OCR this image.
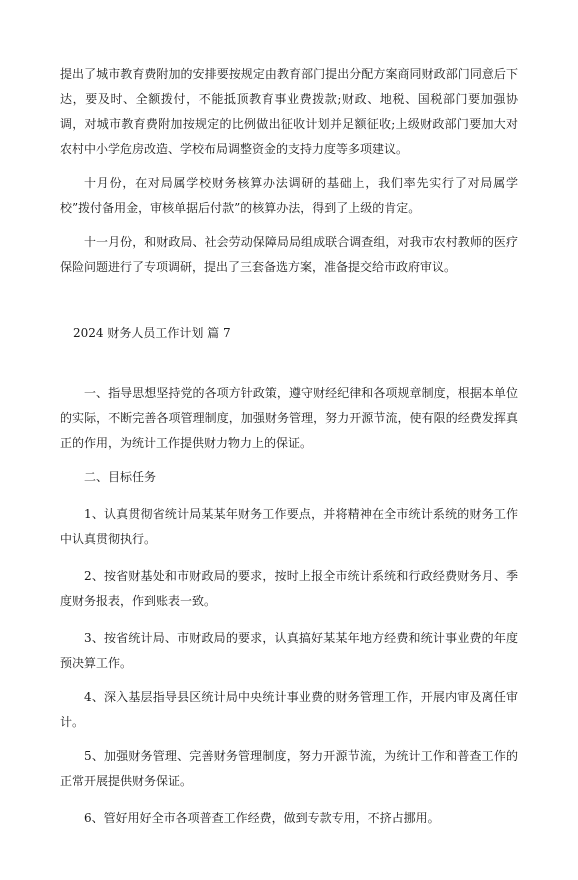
提出了城市教育费附加的安排要按规定由教育部门提出分配方案商同财政部门同意后下达，要及时、全额拨付，不能抵顶教育事业费拨款;财政、地税、国税部门要加强协调，对城市教育费附加按规定的比例做出征收计划并足额征收;上级财政部门要加大对农村中小学危房改造、学校布局调整资金的支持力度等多项建议。

十月份，在对局属学校财务核算办法调研的基础上，我们率先实行了对局属学校”拨付备用金，审核单据后付款”的核算办法，得到了上级的肯定。

十一月份，和财政局、社会劳动保障局局组成联合调查组，对我市农村教师的医疗保险问题进行了专项调研，提出了三套备选方案，准备提交给市政府审议。

2024 财务人员工作计划 篇 7

一、指导思想坚持党的各项方针政策，遵守财经纪律和各项规章制度，根据本单位的实际，不断完善各项管理制度，加强财务管理，努力开源节流，使有限的经费发挥真正的作用，为统计工作提供财力物力上的保证。

二、目标任务

1、认真贯彻省统计局某某年财务工作要点，并将精神在全市统计系统的财务工作中认真贯彻执行。

2、按省财基处和市财政局的要求，按时上报全市统计系统和行政经费财务月、季度财务报表，作到账表一致。

3、按省统计局、市财政局的要求，认真搞好某某年地方经费和统计事业费的年度预决算工作。

4、深入基层指导县区统计局中央统计事业费的财务管理工作，开展内审及离任审计。

5、加强财务管理、完善财务管理制度，努力开源节流，为统计工作和普查工作的正常开展提供财务保证。

6、管好用好全市各项普查工作经费，做到专款专用，不挤占挪用。
